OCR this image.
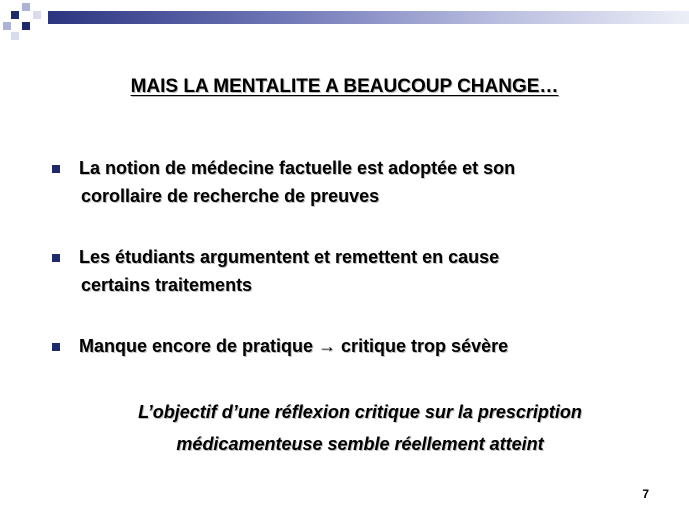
MAIS LA MENTALITE A BEAUCOUP CHANGE…
La notion de médecine factuelle est adoptée et son
corollaire de recherche de preuves
Les étudiants argumentent et remettent en cause
certains traitements
Manque encore de pratique → critique trop sévère
L’objectif d’une réflexion critique sur la prescription
médicamenteuse semble réellement atteint
7
